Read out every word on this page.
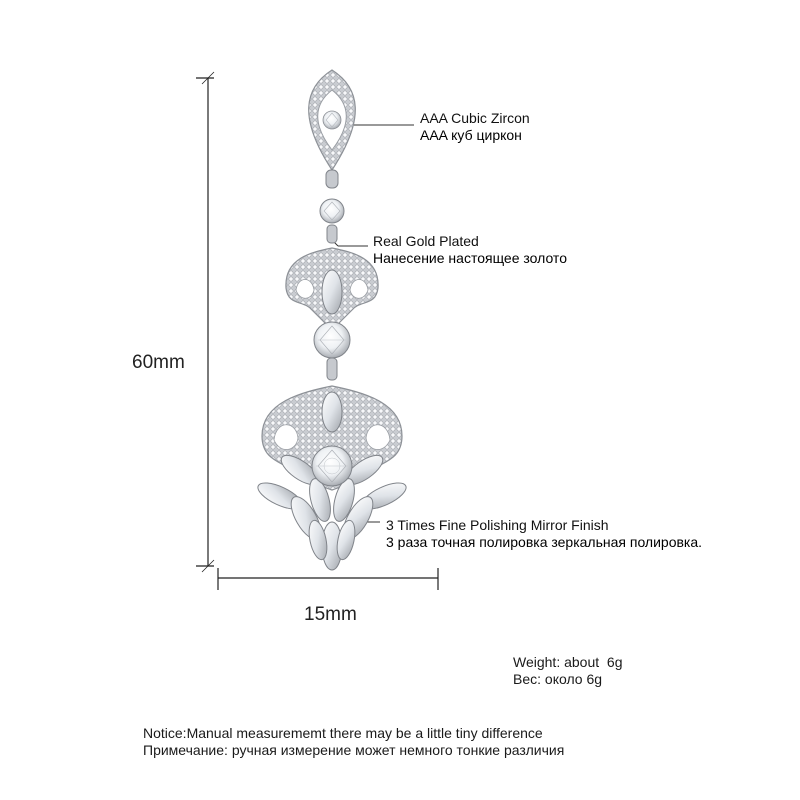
60mm
15mm
AAA Cubic Zircon
AAA куб циркон
Real Gold Plated
Нанесение настоящее золото
3 Times Fine Polishing Mirror Finish
3 раза точная полировка зеркальная полировка.
Weight: about  6g
Вес: около 6g
Notice:Manual measurememt there may be a little tiny difference
Примечание: ручная измерение может немного тонкие различия
